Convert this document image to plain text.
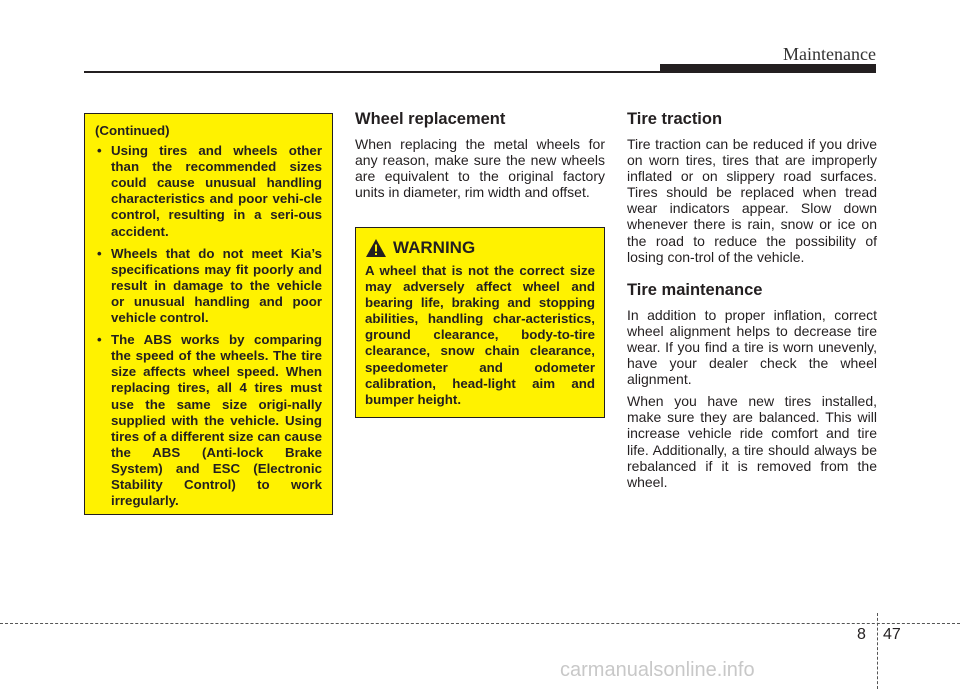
Maintenance
(Continued)
• Using tires and wheels other than the recommended sizes could cause unusual handling characteristics and poor vehi-cle control, resulting in a seri-ous accident.
• Wheels that do not meet Kia’s specifications may fit poorly and result in damage to the vehicle or unusual handling and poor vehicle control.
• The ABS works by comparing the speed of the wheels. The tire size affects wheel speed. When replacing tires, all 4 tires must use the same size origi-nally supplied with the vehicle. Using tires of a different size can cause the ABS (Anti-lock Brake System) and ESC (Electronic Stability Control) to work irregularly.
Wheel replacement

When replacing the metal wheels for any reason, make sure the new wheels are equivalent to the original factory units in diameter, rim width and offset.

WARNING
A wheel that is not the correct size may adversely affect wheel and bearing life, braking and stopping abilities, handling char-acteristics, ground clearance, body-to-tire clearance, snow chain clearance, speedometer and odometer calibration, head-light aim and bumper height.
Tire traction

Tire traction can be reduced if you drive on worn tires, tires that are improperly inflated or on slippery road surfaces. Tires should be replaced when tread wear indicators appear. Slow down whenever there is rain, snow or ice on the road to reduce the possibility of losing con-trol of the vehicle.

Tire maintenance

In addition to proper inflation, correct wheel alignment helps to decrease tire wear. If you find a tire is worn unevenly, have your dealer check the wheel alignment.

When you have new tires installed, make sure they are balanced. This will increase vehicle ride comfort and tire life. Additionally, a tire should always be rebalanced if it is removed from the wheel.

8 47
carmanualsonline.info
